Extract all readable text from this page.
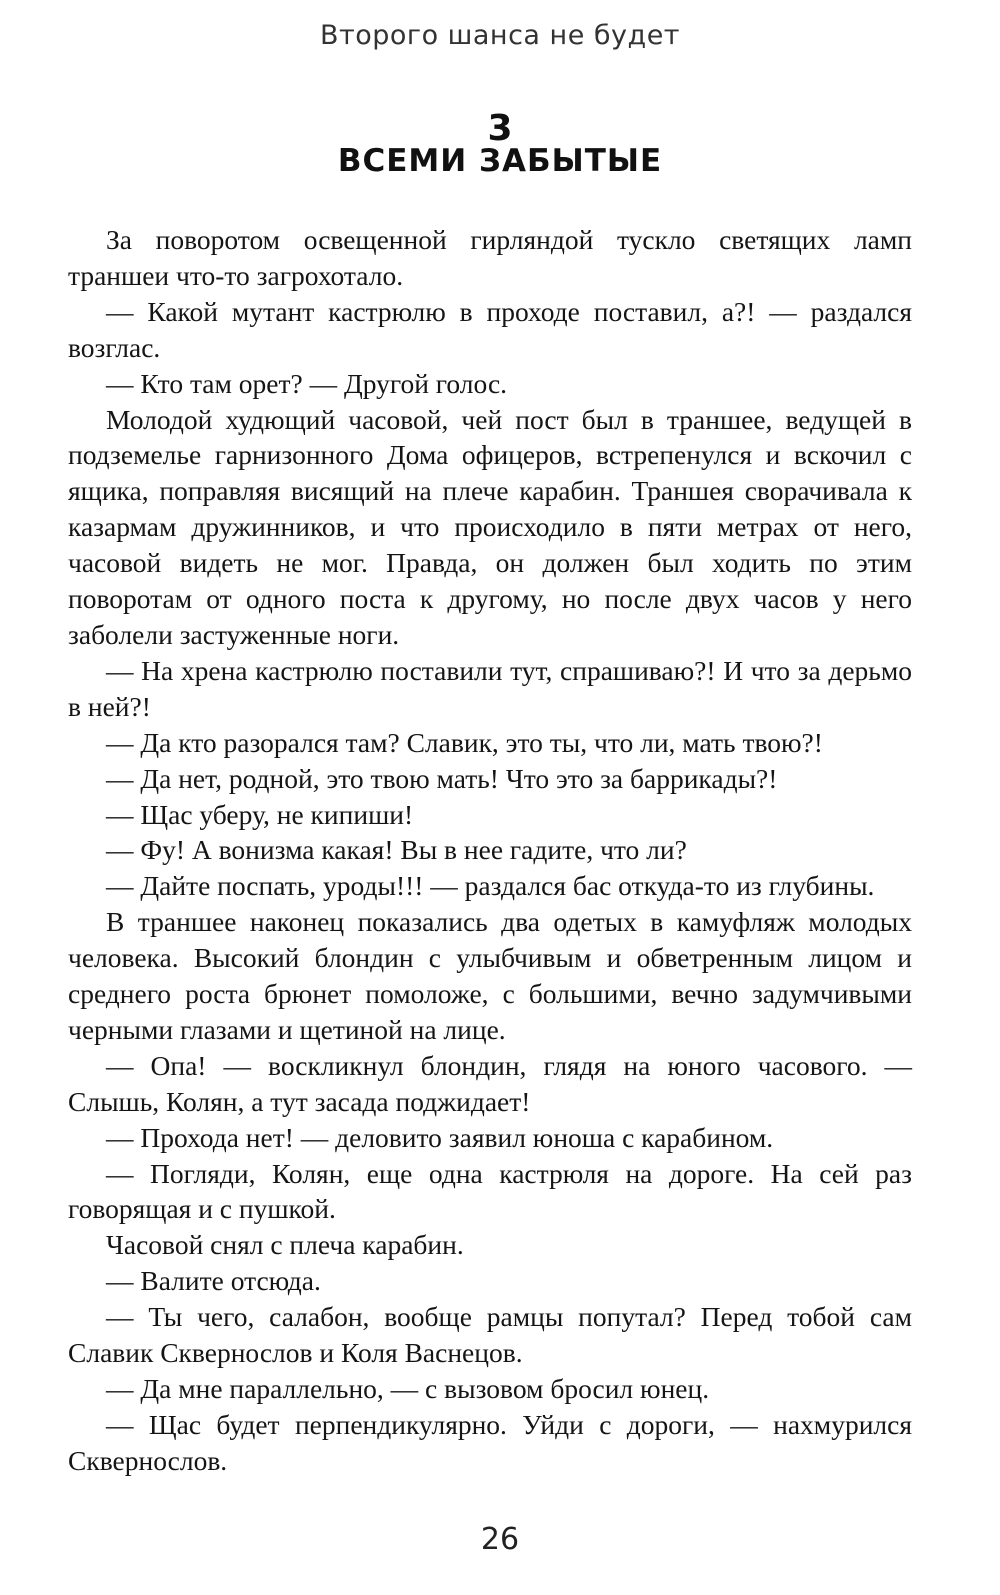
Второго шанса не будет
3
ВСЕМИ ЗАБЫТЫЕ

За поворотом освещенной гирляндой тускло светящих ламп траншеи что-то загрохотало.

— Какой мутант кастрюлю в проходе поставил, а?! — раздался возглас.

— Кто там орет? — Другой голос.

Молодой худющий часовой, чей пост был в траншее, ведущей в подземелье гарнизонного Дома офицеров, встрепенулся и вскочил с ящика, поправляя висящий на плече карабин. Траншея сворачивала к казармам дружинников, и что происходило в пяти метрах от него, часовой видеть не мог. Правда, он должен был ходить по этим поворотам от одного поста к другому, но после двух часов у него заболели застуженные ноги.

— На хрена кастрюлю поставили тут, спрашиваю?! И что за дерьмо в ней?!

— Да кто разорался там? Славик, это ты, что ли, мать твою?!

— Да нет, родной, это твою мать! Что это за баррикады?!

— Щас уберу, не кипиши!

— Фу! А вонизма какая! Вы в нее гадите, что ли?

— Дайте поспать, уроды!!! — раздался бас откуда-то из глубины.

В траншее наконец показались два одетых в камуфляж молодых человека. Высокий блондин с улыбчивым и обветренным лицом и среднего роста брюнет помоложе, с большими, вечно задумчивыми черными глазами и щетиной на лице.

— Опа! — воскликнул блондин, глядя на юного часового. — Слышь, Колян, а тут засада поджидает!

— Прохода нет! — деловито заявил юноша с карабином.

— Погляди, Колян, еще одна кастрюля на дороге. На сей раз говорящая и с пушкой.

Часовой снял с плеча карабин.

— Валите отсюда.

— Ты чего, салабон, вообще рамцы попутал? Перед тобой сам Славик Сквернослов и Коля Васнецов.

— Да мне параллельно, — с вызовом бросил юнец.

— Щас будет перпендикулярно. Уйди с дороги, — нахмурился Сквернослов.

26
